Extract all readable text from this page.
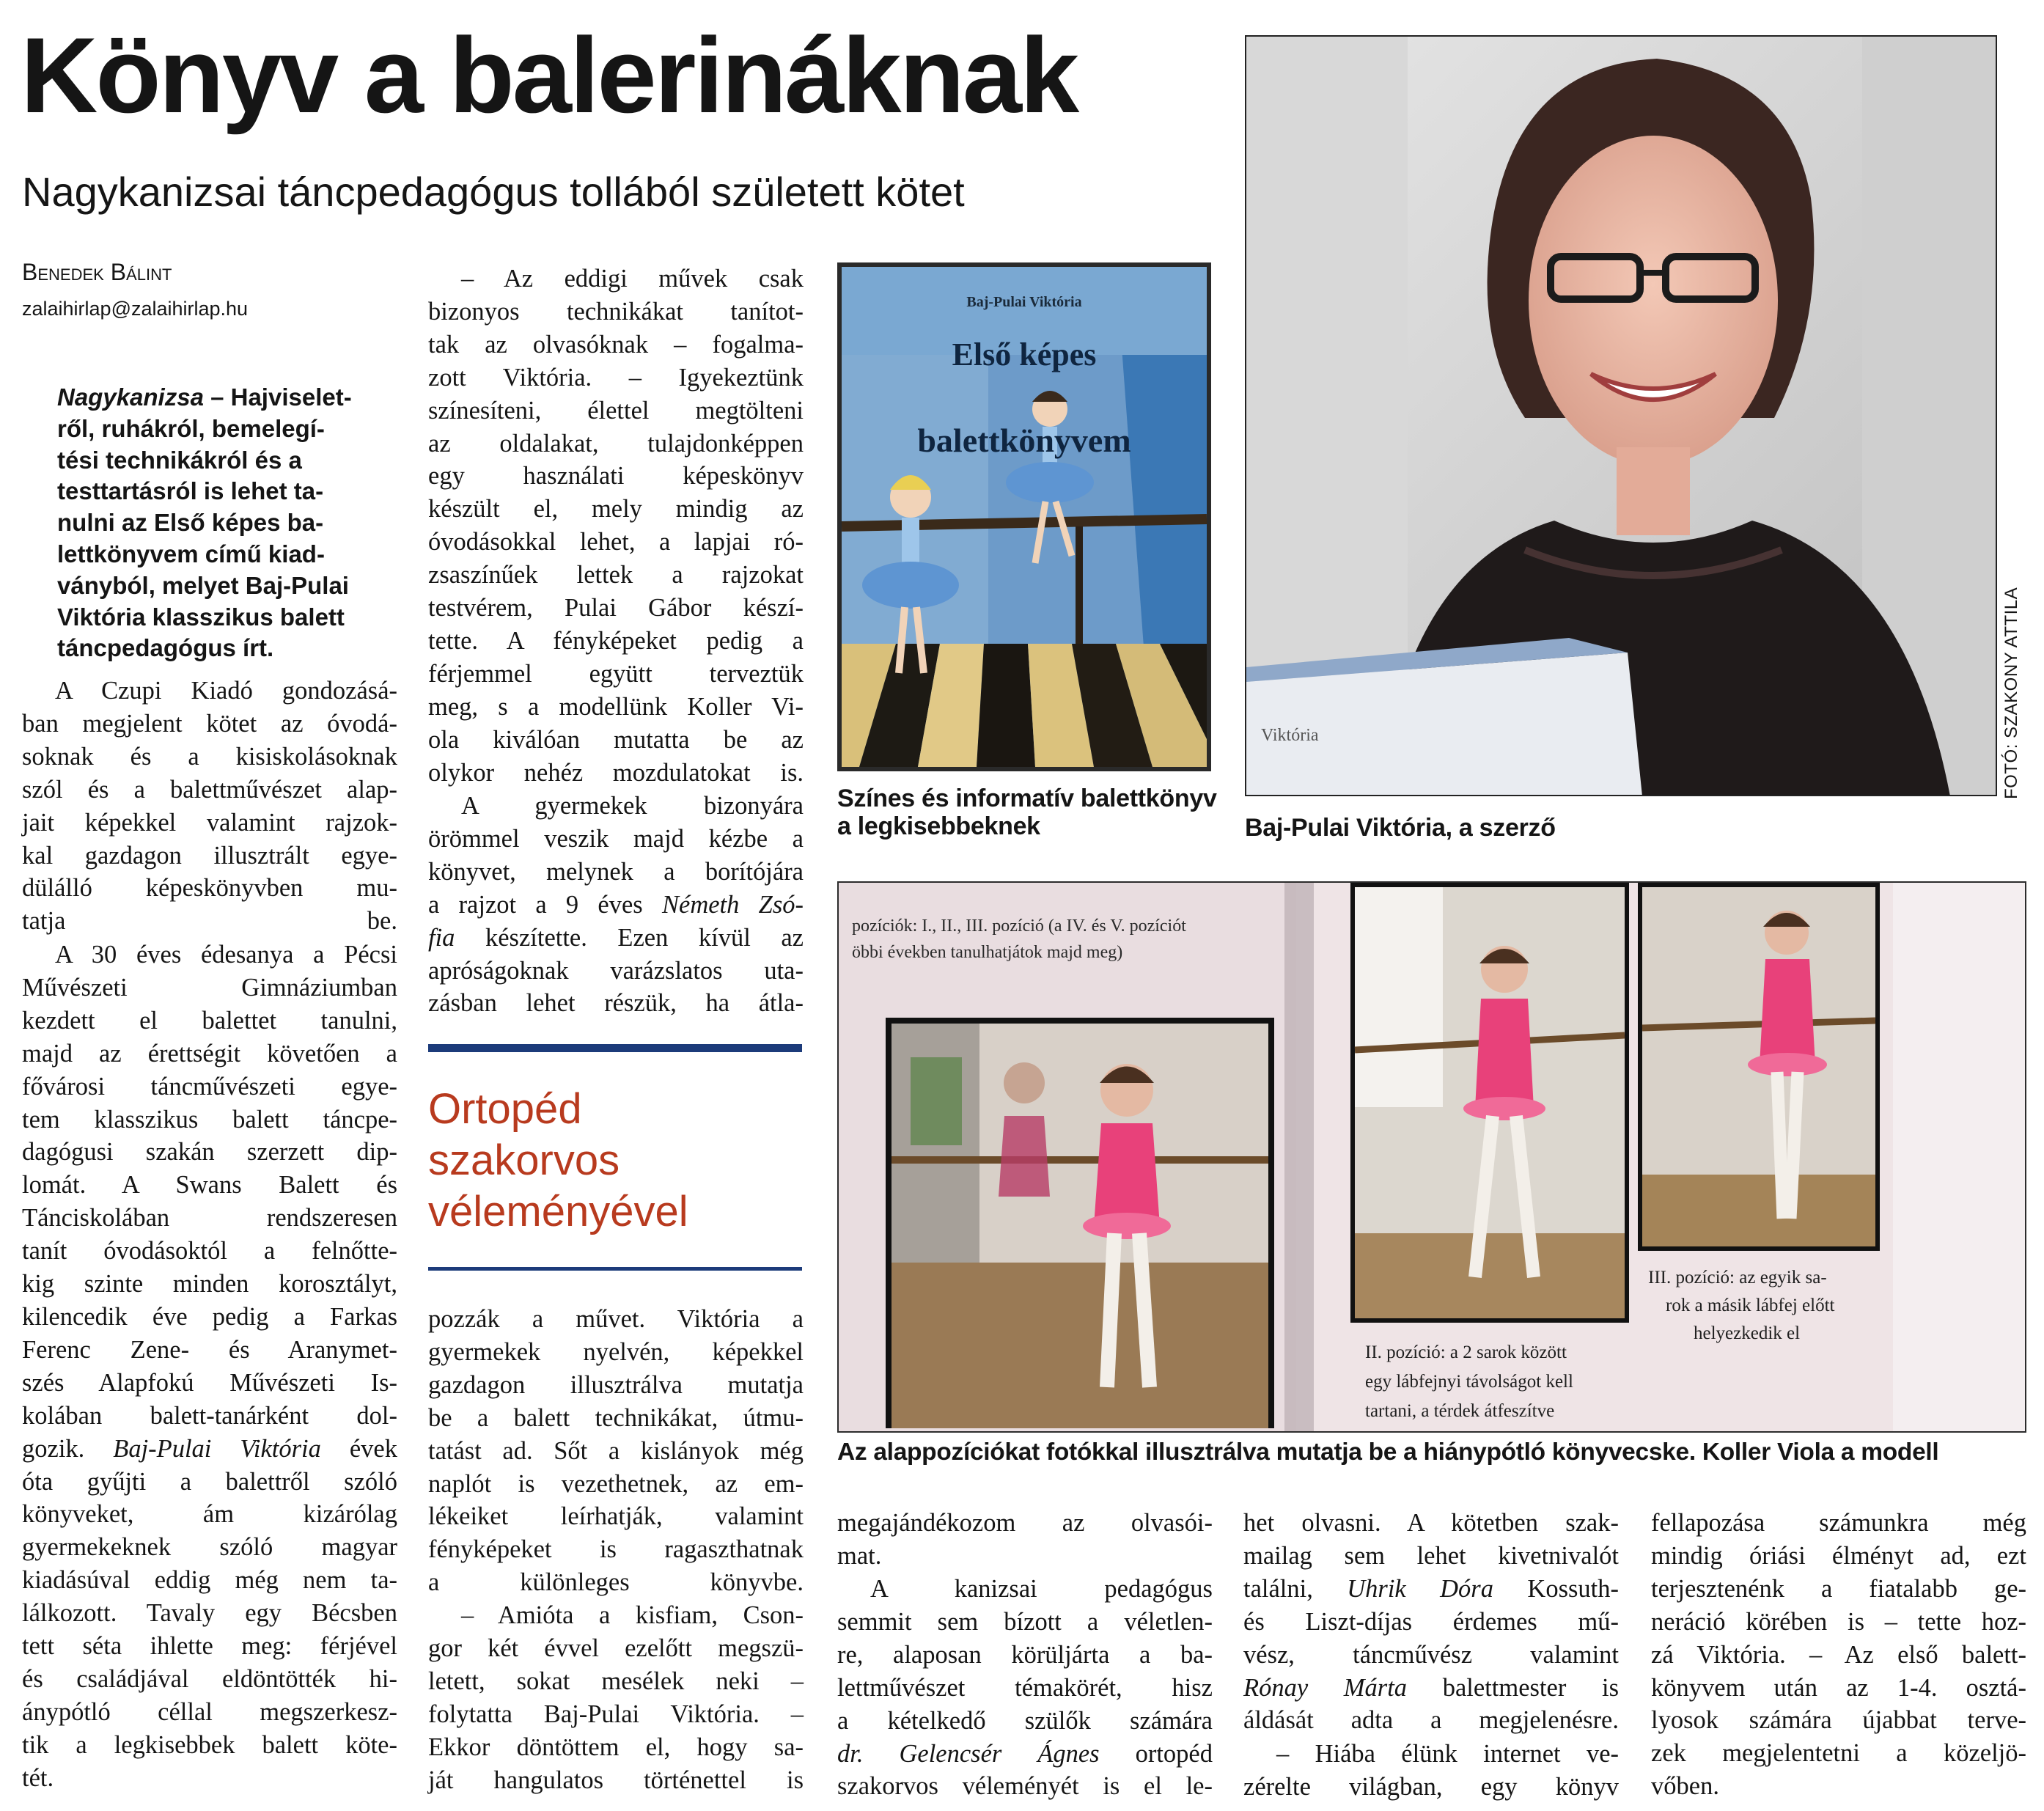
Könyv a balerináknak
Nagykanizsai táncpedagógus tollából született kötet
Benedek Bálint
zalaihirlap@zalaihirlap.hu

Nagykanizsa – Hajviselet-
ről, ruhákról, bemelegí-
tési technikákról és a
testtartásról is lehet ta-
nulni az Első képes ba-
lettkönyvem című kiad-
ványból, melyet Baj-Pulai
Viktória klasszikus balett
táncpedagógus írt.

A Czupi Kiadó gondozásá-
ban megjelent kötet az óvodá-
soknak és a kisiskolásoknak
szól és a balettművészet alap-
jait képekkel valamint rajzok-
kal gazdagon illusztrált egye-
dülálló képeskönyvben mu-
tatja be.

A 30 éves édesanya a Pécsi
Művészeti Gimnáziumban
kezdett el balettet tanulni,
majd az érettségit követően a
fővárosi táncművészeti egye-
tem klasszikus balett táncpe-
dagógusi szakán szerzett dip-
lomát. A Swans Balett és
Tánciskolában rendszeresen
tanít óvodásoktól a felnőtte-
kig szinte minden korosztályt,
kilencedik éve pedig a Farkas
Ferenc Zene- és Aranymet-
szés Alapfokú Művészeti Is-
kolában balett-tanárként dol-
gozik. Baj-Pulai Viktória évek
óta gyűjti a balettről szóló
könyveket, ám kizárólag
gyermekeknek szóló magyar
kiadásúval eddig még nem ta-
lálkozott. Tavaly egy Bécsben
tett séta ihlette meg: férjével
és családjával eldöntötték hi-
ánypótló céllal megszerkesz-
tik a legkisebbek balett köte-
tét.

– Az eddigi művek csak
bizonyos technikákat tanítot-
tak az olvasóknak – fogalma-
zott Viktória. – Igyekeztünk
színesíteni, élettel megtölteni
az oldalakat, tulajdonképpen
egy használati képeskönyv
készült el, mely mindig az
óvodásokkal lehet, a lapjai ró-
zsaszínűek lettek a rajzokat
testvérem, Pulai Gábor készí-
tette. A fényképeket pedig a
férjemmel együtt terveztük
meg, s a modellünk Koller Vi-
ola kiválóan mutatta be az
olykor nehéz mozdulatokat is.

A gyermekek bizonyára
örömmel veszik majd kézbe a
könyvet, melynek a borítójára
a rajzot a 9 éves Németh Zsó-
fia készítette. Ezen kívül az
apróságoknak varázslatos uta-
zásban lehet részük, ha átla-

Ortopéd
szakorvos
véleményével

pozzák a művet. Viktória a
gyermekek nyelvén, képekkel
gazdagon illusztrálva mutatja
be a balett technikákat, útmu-
tatást ad. Sőt a kislányok még
naplót is vezethetnek, az em-
lékeiket leírhatják, valamint
fényképeket is ragaszthatnak
a különleges könyvbe.

– Amióta a kisfiam, Cson-
gor két évvel ezelőtt megszü-
letett, sokat mesélek neki –
folytatta Baj-Pulai Viktória. –
Ekkor döntöttem el, hogy sa-
ját hangulatos történettel is

megajándékozom az olvasói-
mat.

A kanizsai pedagógus
semmit sem bízott a véletlen-
re, alaposan körüljárta a ba-
lettművészet témakörét, hisz
a kételkedő szülők számára
dr. Gelencsér Ágnes ortopéd
szakorvos véleményét is el le-

het olvasni. A kötetben szak-
mailag sem lehet kivetnivalót
találni, Uhrik Dóra Kossuth-
és Liszt-díjas érdemes mű-
vész, táncművész valamint
Rónay Márta balettmester is
áldását adta a megjelenésre.

– Hiába élünk internet ve-
zérelte világban, egy könyv

fellapozása számunkra még
mindig óriási élményt ad, ezt
terjesztenénk a fiatalabb ge-
neráció körében is – tette hoz-
zá Viktória. – Az első balett-
könyvem után az 1-4. osztá-
lyosok számára újabbat terve-
zek megjelentetni a közeljö-
vőben.

Baj-Pulai Viktória
Első képes
balettkönyvem
Színes és informatív balettkönyv
a legkisebbeknek
Viktória
Baj-Pulai Viktória, a szerző
FOTÓ: SZAKONY ATTILA
pozíciók: I., II., III. pozíció (a IV. és V. pozíciót
öbbi években tanulhatjátok majd meg)
II. pozíció: a 2 sarok között
egy lábfejnyi távolságot kell
tartani, a térdek átfeszítve
III. pozíció: az egyik sa-
rok a másik lábfej előtt
helyezkedik el
Az alappozíciókat fotókkal illusztrálva mutatja be a hiánypótló könyvecske. Koller Viola a modell
